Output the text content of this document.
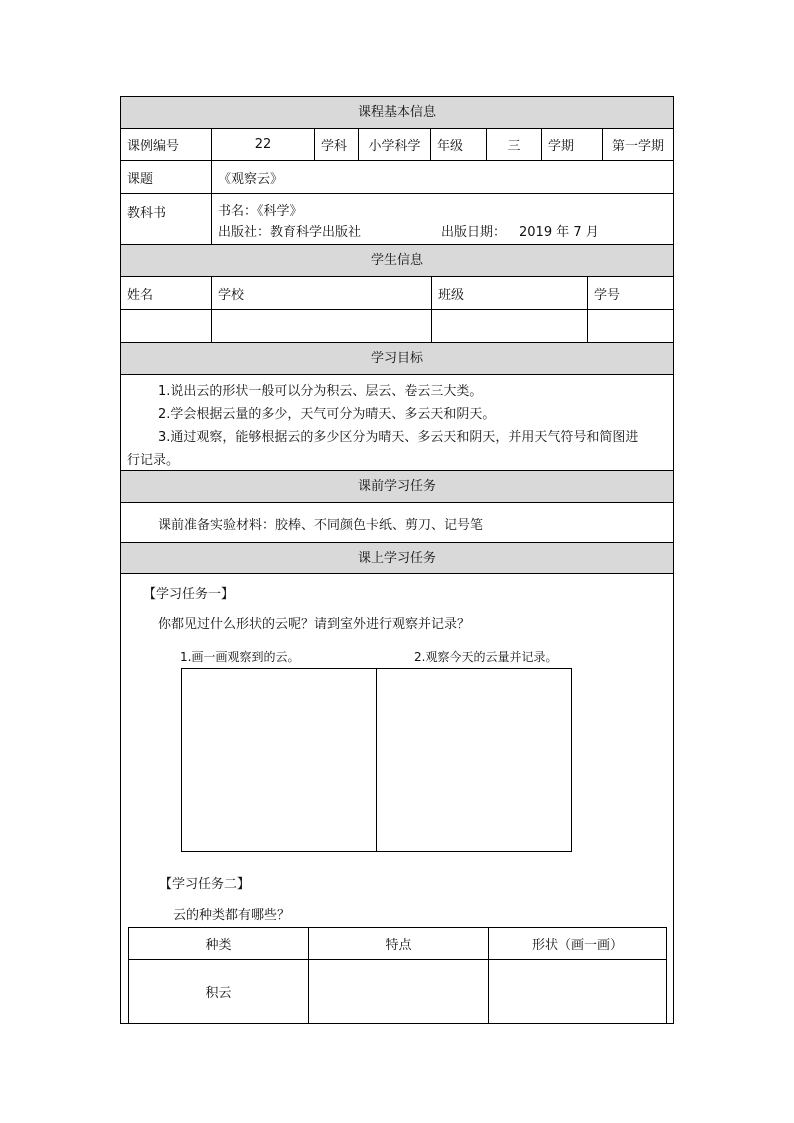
课程基本信息
课例编号	22	学科	小学科学	年级	三	学期	第一学期
课题	《观察云》
教科书	书名：《科学》
出版社：教育科学出版社	出版日期： 2019 年 7 月
学生信息
姓名	学校	班级	学号
学习目标
1.说出云的形状一般可以分为积云、层云、卷云三大类。
2.学会根据云量的多少，天气可分为晴天、多云天和阴天。
3.通过观察，能够根据云的多少区分为晴天、多云天和阴天，并用天气符号和简图进
行记录。
课前学习任务
课前准备实验材料：胶棒、不同颜色卡纸、剪刀、记号笔
课上学习任务
【学习任务一】
你都见过什么形状的云呢？请到室外进行观察并记录？
1.画一画观察到的云。	2.观察今天的云量并记录。
【学习任务二】
云的种类都有哪些？
种类	特点	形状（画一画）
积云
